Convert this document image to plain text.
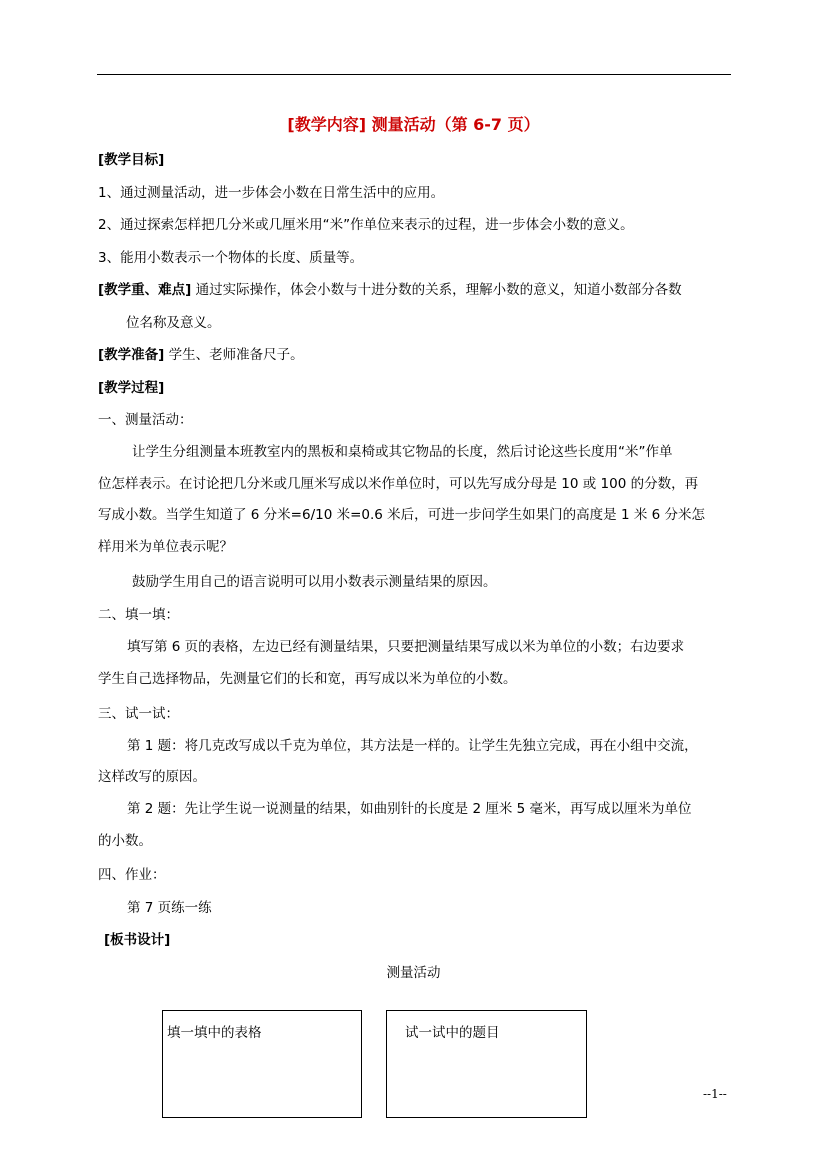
[教学内容] 测量活动（第 6-7 页）
[教学目标]
1、通过测量活动，进一步体会小数在日常生活中的应用。
2、通过探索怎样把几分米或几厘米用“米”作单位来表示的过程，进一步体会小数的意义。
3、能用小数表示一个物体的长度、质量等。
[教学重、难点] 通过实际操作，体会小数与十进分数的关系，理解小数的意义，知道小数部分各数
位名称及意义。
[教学准备] 学生、老师准备尺子。
[教学过程]
一、测量活动：
让学生分组测量本班教室内的黑板和桌椅或其它物品的长度，然后讨论这些长度用“米”作单
位怎样表示。在讨论把几分米或几厘米写成以米作单位时，可以先写成分母是 10 或 100 的分数，再
写成小数。当学生知道了 6 分米=6/10 米=0.6 米后，可进一步问学生如果门的高度是 1 米 6 分米怎
样用米为单位表示呢？
鼓励学生用自己的语言说明可以用小数表示测量结果的原因。
二、填一填：
填写第 6 页的表格，左边已经有测量结果，只要把测量结果写成以米为单位的小数；右边要求
学生自己选择物品，先测量它们的长和宽，再写成以米为单位的小数。
三、试一试：
第 1 题：将几克改写成以千克为单位，其方法是一样的。让学生先独立完成，再在小组中交流，
这样改写的原因。
第 2 题：先让学生说一说测量的结果，如曲别针的长度是 2 厘米 5 毫米，再写成以厘米为单位
的小数。
四、作业：
第 7 页练一练
[板书设计]
测量活动
填一填中的表格	试一试中的题目
--1--
